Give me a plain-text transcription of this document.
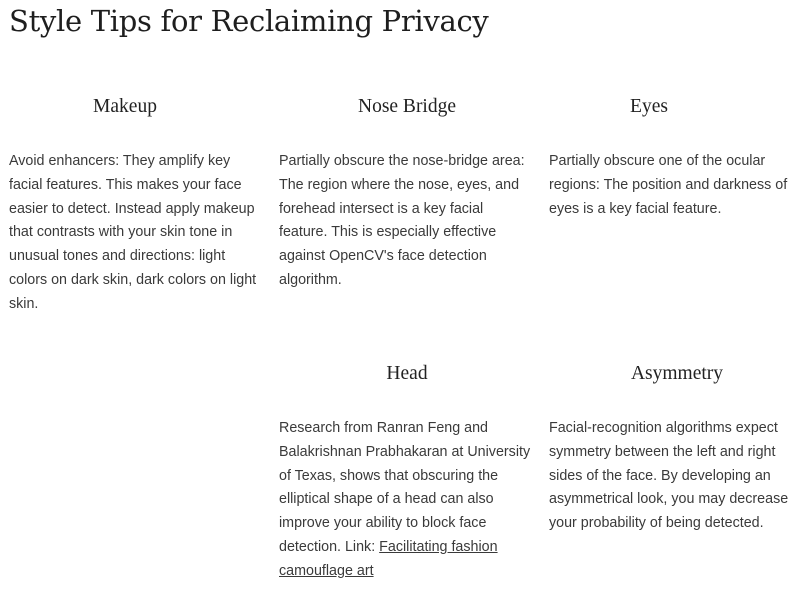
Style Tips for Reclaiming Privacy
Makeup

Avoid enhancers: They amplify key facial features. This makes your face easier to detect. Instead apply makeup that contrasts with your skin tone in unusual tones and directions: light colors on dark skin, dark colors on light skin.

Nose Bridge

Partially obscure the nose-bridge area: The region where the nose, eyes, and forehead intersect is a key facial feature. This is especially effective against OpenCV's face detection algorithm.

Eyes

Partially obscure one of the ocular regions: The position and darkness of eyes is a key facial feature.

Head

Research from Ranran Feng and Balakrishnan Prabhakaran at University of Texas, shows that obscuring the elliptical shape of a head can also improve your ability to block face detection. Link: Facilitating fashion camouflage art

Asymmetry

Facial-recognition algorithms expect symmetry between the left and right sides of the face. By developing an asymmetrical look, you may decrease your probability of being detected.
